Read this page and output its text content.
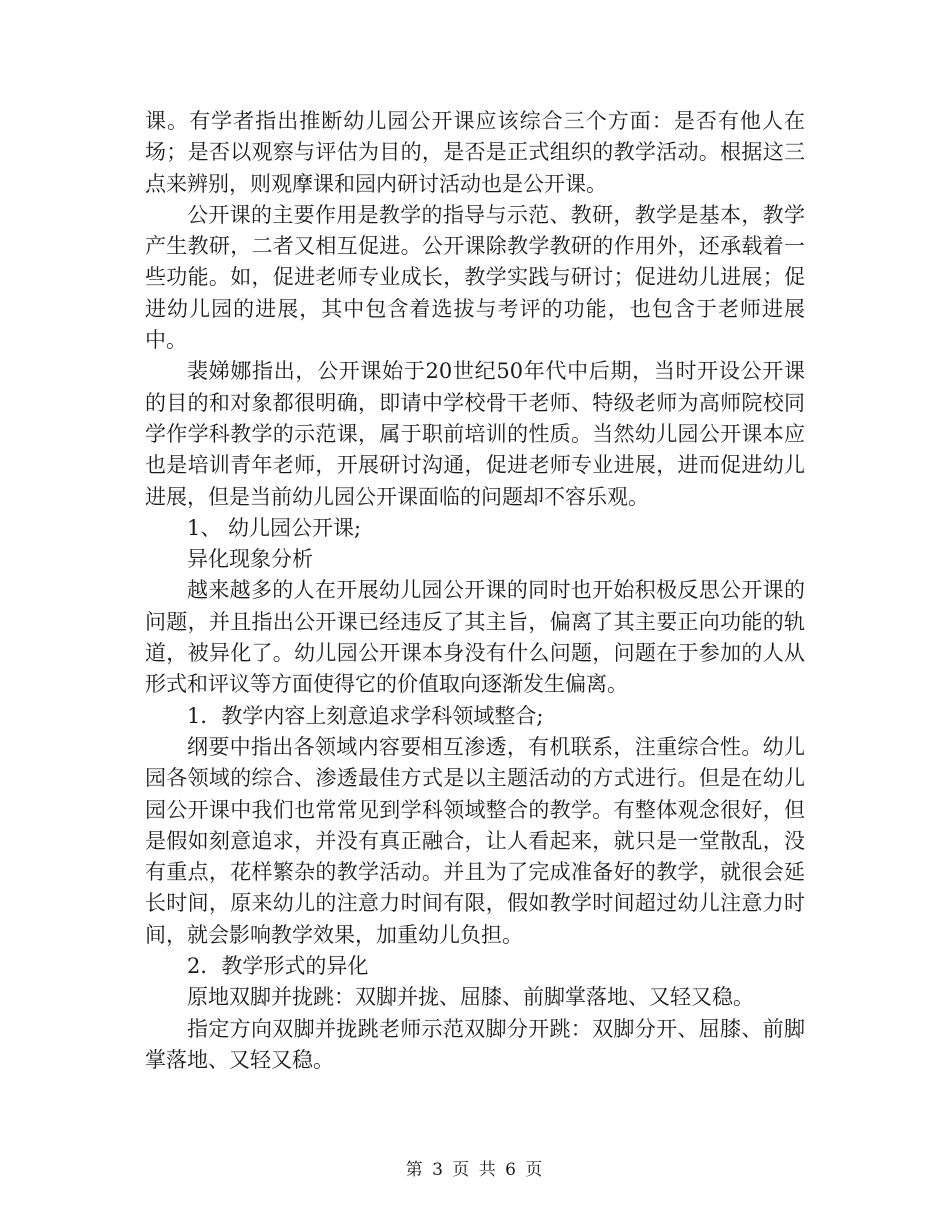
课。有学者指出推断幼儿园公开课应该综合三个方面：是否有他人在场；是否以观察与评估为目的，是否是正式组织的教学活动。根据这三点来辨别，则观摩课和园内研讨活动也是公开课。

公开课的主要作用是教学的指导与示范、教研，教学是基本，教学产生教研，二者又相互促进。公开课除教学教研的作用外，还承载着一些功能。如，促进老师专业成长，教学实践与研讨；促进幼儿进展；促进幼儿园的进展，其中包含着选拔与考评的功能，也包含于老师进展中。

裴娣娜指出，公开课始于20世纪50年代中后期，当时开设公开课的目的和对象都很明确，即请中学校骨干老师、特级老师为高师院校同学作学科教学的示范课，属于职前培训的性质。当然幼儿园公开课本应也是培训青年老师，开展研讨沟通，促进老师专业进展，进而促进幼儿进展，但是当前幼儿园公开课面临的问题却不容乐观。

1、 幼儿园公开课;

异化现象分析

越来越多的人在开展幼儿园公开课的同时也开始积极反思公开课的问题，并且指出公开课已经违反了其主旨，偏离了其主要正向功能的轨道，被异化了。幼儿园公开课本身没有什么问题，问题在于参加的人从形式和评议等方面使得它的价值取向逐渐发生偏离。

1．教学内容上刻意追求学科领域整合;

纲要中指出各领域内容要相互渗透，有机联系，注重综合性。幼儿园各领域的综合、渗透最佳方式是以主题活动的方式进行。但是在幼儿园公开课中我们也常常见到学科领域整合的教学。有整体观念很好，但是假如刻意追求，并没有真正融合，让人看起来，就只是一堂散乱，没有重点，花样繁杂的教学活动。并且为了完成准备好的教学，就很会延长时间，原来幼儿的注意力时间有限，假如教学时间超过幼儿注意力时间，就会影响教学效果，加重幼儿负担。

2．教学形式的异化

原地双脚并拢跳：双脚并拢、屈膝、前脚掌落地、又轻又稳。

指定方向双脚并拢跳老师示范双脚分开跳：双脚分开、屈膝、前脚掌落地、又轻又稳。

第 3 页 共 6 页
